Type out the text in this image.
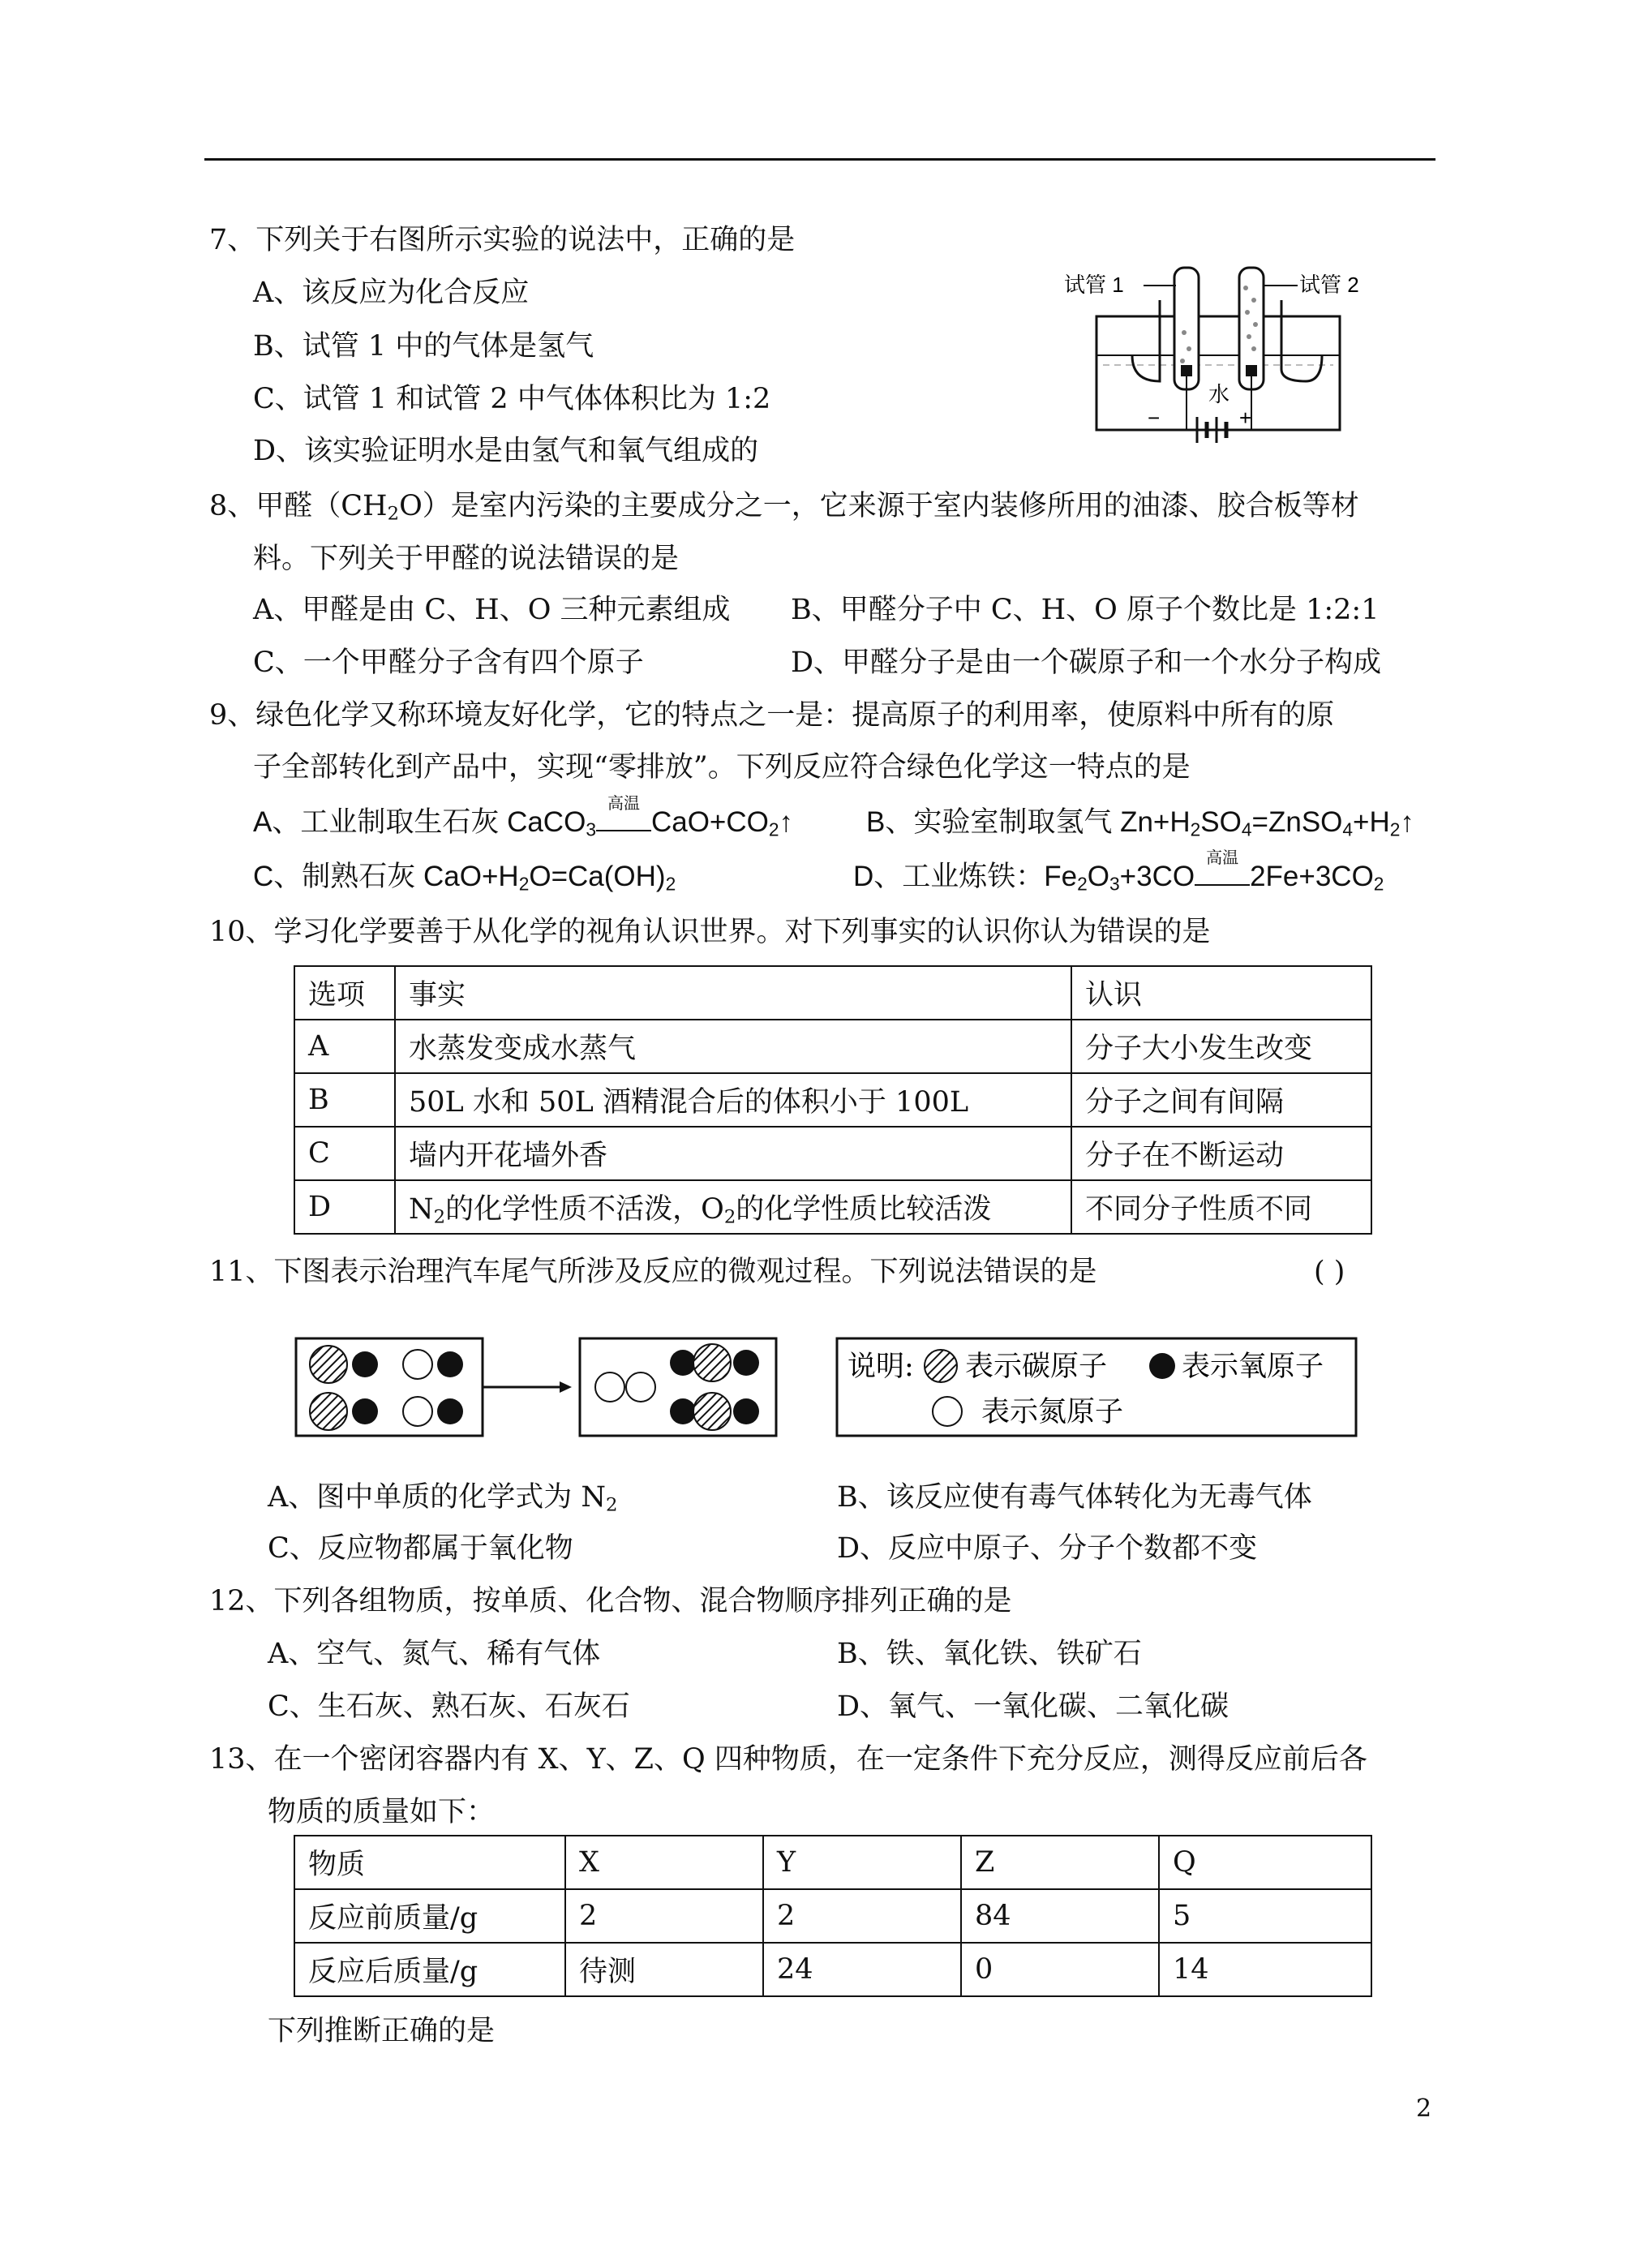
7、下列关于右图所示实验的说法中，正确的是
A、该反应为化合反应
B、试管 1 中的气体是氢气
C、试管 1 和试管 2 中气体体积比为 1:2
D、该实验证明水是由氢气和氧气组成的
试管 1	试管 2
水
−	+
8、甲醛$(CH_2O)$是室内污染的主要成分之一，它来源于室内装修所用的油漆、胶合板等材
料。下列关于甲醛的说法错误的是
A、甲醛是由 C、H、O 三种元素组成 B、甲醛分子中 C、H、O 原子个数比是 1:2:1
C、一个甲醛分子含有四个原子	D、甲醛分子是由一个碳原子和一个水分子构成
9、绿色化学又称环境友好化学，它的特点之一是：提高原子的利用率，使原料中所有的原
子全部转化到产品中，实现“零排放”。下列反应符合绿色化学这一特点的是
A、工业制取生石灰 CaCO$_3$
高温
$CaO+CO_2↑$	B、实验室制取氢气 $Zn+H_2SO_4=ZnSO_4+H_2↑$
C、制熟石灰 $CaO+H_2O=Ca(OH)_2$	D、工业炼铁：$Fe_2O_3+3CO$
高温
$2Fe+3CO_2$
10、学习化学要善于从化学的视角认识世界。对下列事实的认识你认为错误的是
选项	事实	认识
A	水蒸发变成水蒸气	分子大小发生改变
B	50L 水和 50L 酒精混合后的体积小于 100L	分子之间有间隔
C	墙内开花墙外香	分子在不断运动
D	$N_2$的化学性质不活泼，$O_2$的化学性质比较活泼	不同分子性质不同
11、下图表示治理汽车尾气所涉及反应的微观过程。下列说法错误的是	( )
说明: 表示碳原子	表示氧原子
表示氮原子
A、图中单质的化学式为 $N_2$	B、该反应使有毒气体转化为无毒气体
C、反应物都属于氧化物	D、反应中原子、分子个数都不变
12、下列各组物质，按单质、化合物、混合物顺序排列正确的是
A、空气、氮气、稀有气体	B、铁、氧化铁、铁矿石
C、生石灰、熟石灰、石灰石	D、氧气、一氧化碳、二氧化碳
13、在一个密闭容器内有 X、Y、Z、Q 四种物质，在一定条件下充分反应，测得反应前后各
物质的质量如下：
物质	X	Y	Z	Q
反应前质量/g	2	2	84	5
反应后质量/g	待测	24	0	14
下列推断正确的是
2
